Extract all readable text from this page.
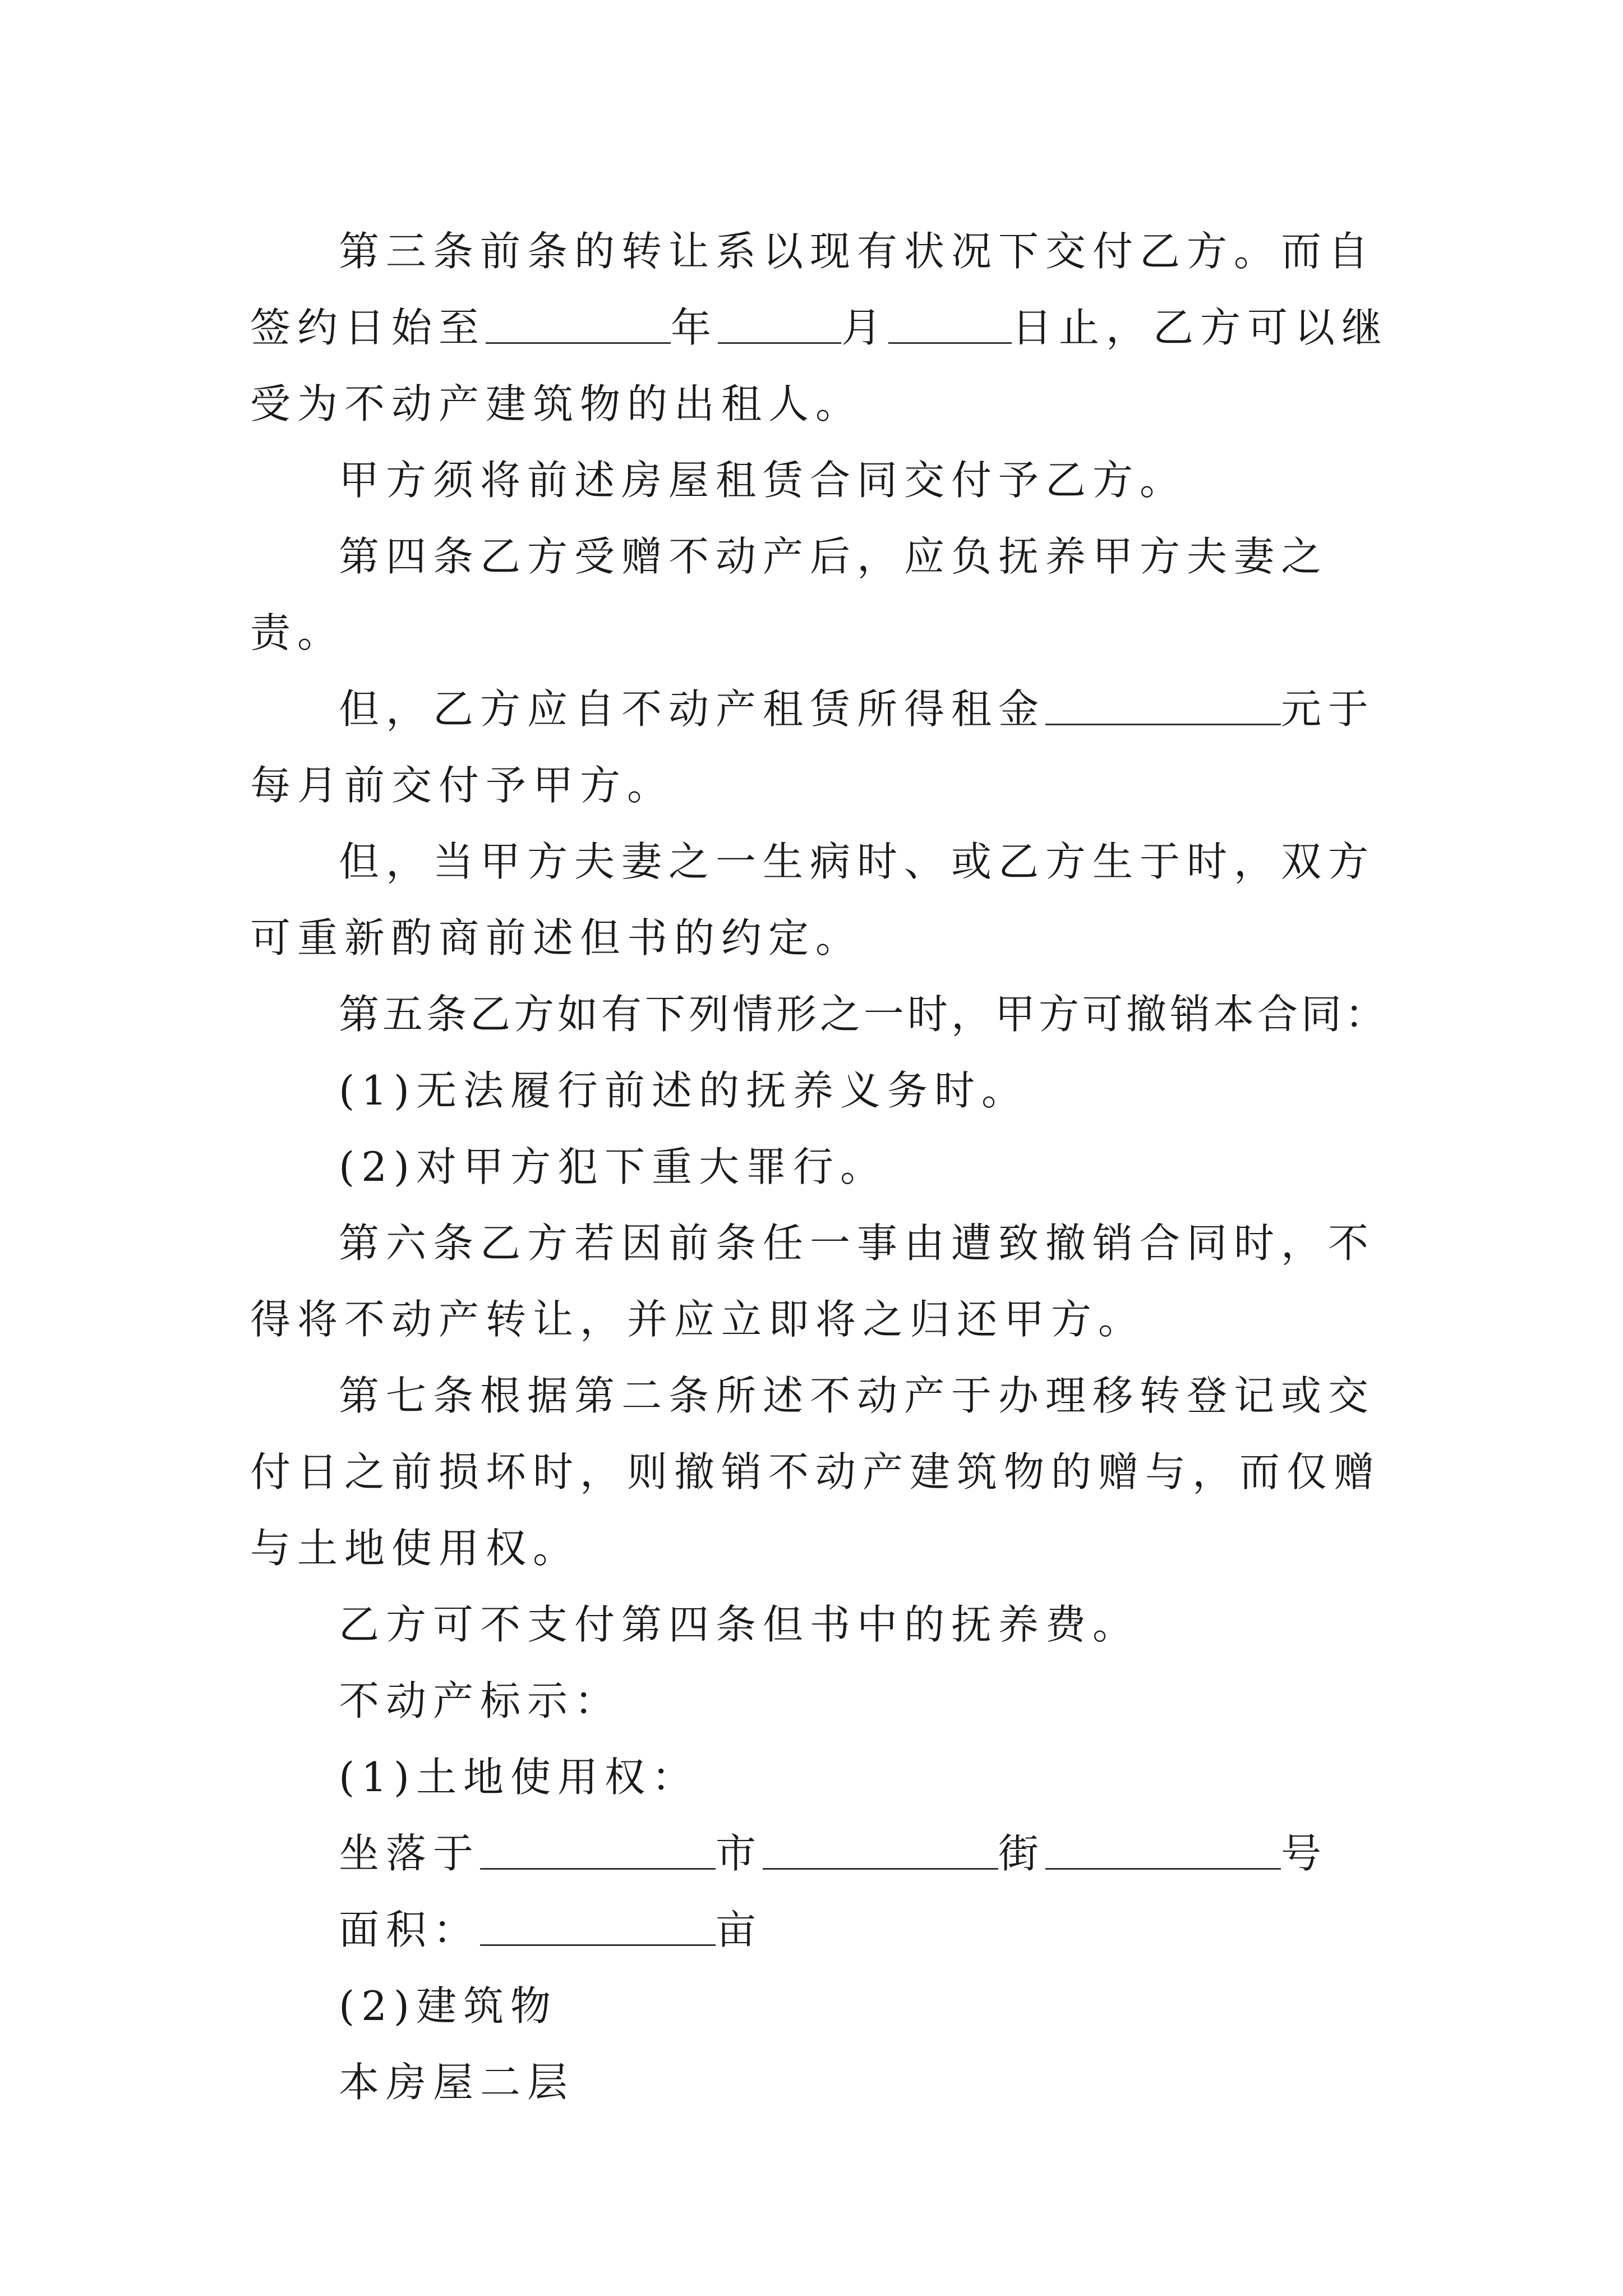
第三条前条的转让系以现有状况下交付乙方。而自签约日始至	年	月	日止，乙方可以继受为不动产建筑物的出租人。

甲方须将前述房屋租赁合同交付予乙方。

第四条乙方受赠不动产后，应负抚养甲方夫妻之责。

但，乙方应自不动产租赁所得租金	元于每月前交付予甲方。

但，当甲方夫妻之一生病时、或乙方生于时，双方可重新酌商前述但书的约定。

第五条乙方如有下列情形之一时，甲方可撤销本合同：

(1)无法履行前述的抚养义务时。

(2)对甲方犯下重大罪行。

第六条乙方若因前条任一事由遭致撤销合同时，不得将不动产转让，并应立即将之归还甲方。

第七条根据第二条所述不动产于办理移转登记或交付日之前损坏时，则撤销不动产建筑物的赠与，而仅赠与土地使用权。

乙方可不支付第四条但书中的抚养费。

不动产标示：

(1)土地使用权：

坐落于	市	街	号

面积：	亩

(2)建筑物

本房屋二层
